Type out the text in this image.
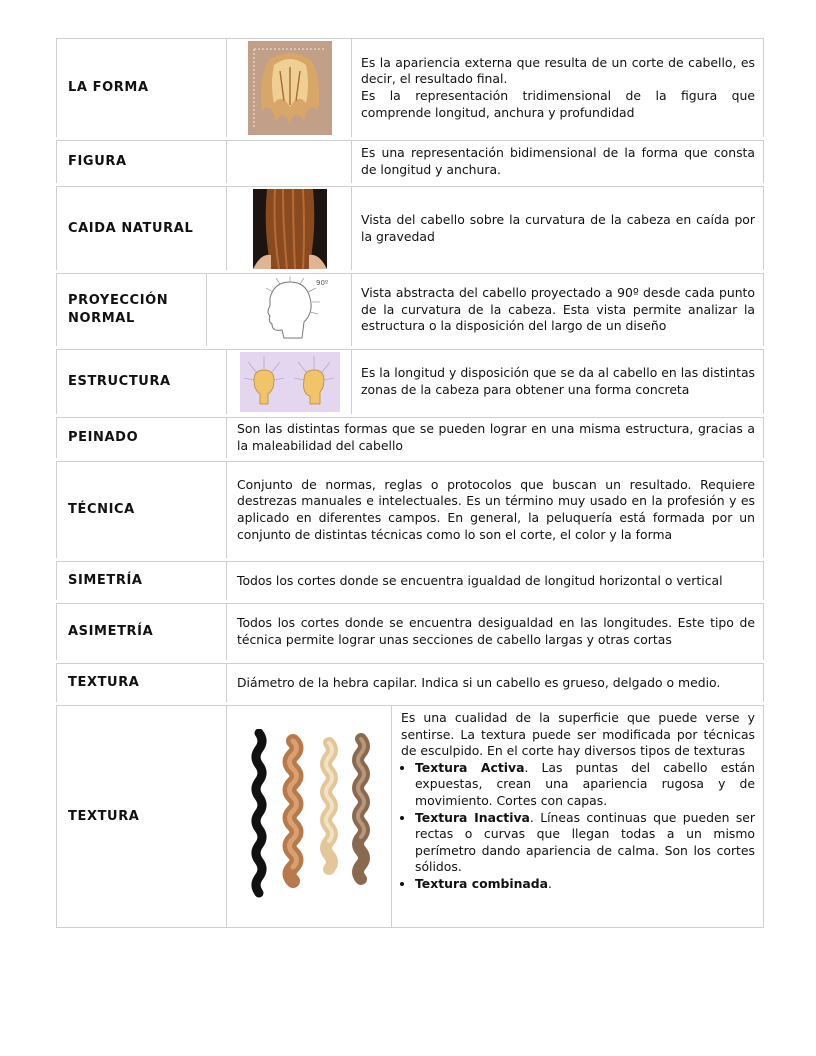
LA FORMA

Es la apariencia externa que resulta de un corte de cabello, es decir, el resultado final.
Es la representación tridimensional de la figura que comprende longitud, anchura y profundidad

FIGURA
Es una representación bidimensional de la forma que consta de longitud y anchura.
CAIDA NATURAL
Vista del cabello sobre la curvatura de la cabeza en caída por la gravedad
PROYECCIÓN NORMAL
90º
Vista abstracta del cabello proyectado a 90º desde cada punto de la curvatura de la cabeza. Esta vista permite analizar la estructura o la disposición del largo de un diseño
ESTRUCTURA
Es la longitud y disposición que se da al cabello en las distintas zonas de la cabeza para obtener una forma concreta
PEINADO
Son las distintas formas que se pueden lograr en una misma estructura, gracias a la maleabilidad del cabello
TÉCNICA
Conjunto de normas, reglas o protocolos que buscan un resultado. Requiere destrezas manuales e intelectuales. Es un término muy usado en la profesión y es aplicado en diferentes campos. En general, la peluquería está formada por un conjunto de distintas técnicas como lo son el corte, el color y la forma
SIMETRÍA	Todos los cortes donde se encuentra igualdad de longitud horizontal o vertical
ASIMETRÍA
Todos los cortes donde se encuentra desigualdad en las longitudes. Este tipo de técnica permite lograr unas secciones de cabello largas y otras cortas
TEXTURA	Diámetro de la hebra capilar. Indica si un cabello es grueso, delgado o medio.
TEXTURA

Es una cualidad de la superficie que puede verse y sentirse. La textura puede ser modificada por técnicas de esculpido. En el corte hay diversos tipos de texturas

• Textura Activa. Las puntas del cabello están expuestas, crean una apariencia rugosa y de movimiento. Cortes con capas.
• Textura Inactiva. Líneas continuas que pueden ser rectas o curvas que llegan todas a un mismo perímetro dando apariencia de calma. Son los cortes sólidos.
• Textura combinada.
